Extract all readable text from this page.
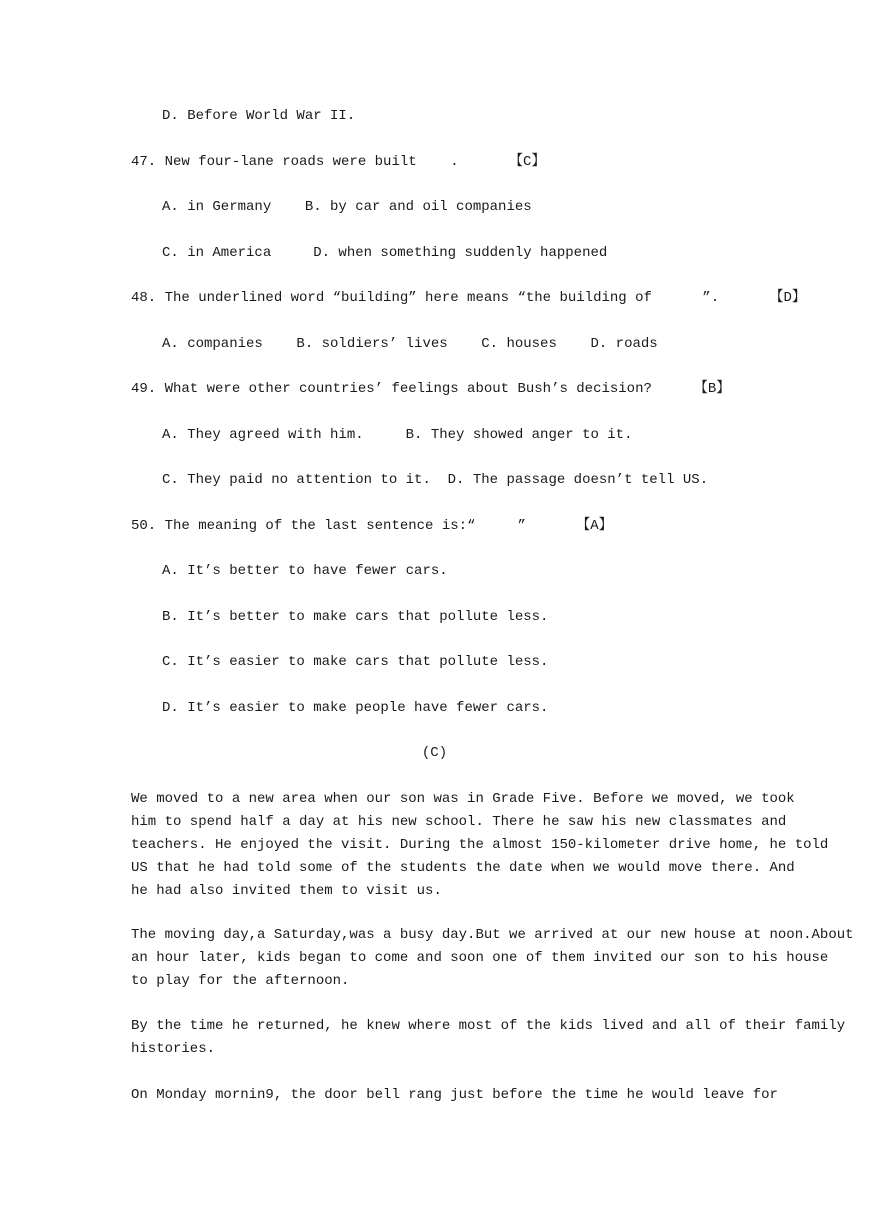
D. Before World War II.
47. New four-lane roads were built    .      【C】
A. in Germany    B. by car and oil companies
C. in America     D. when something suddenly happened
48. The underlined word “building” here means “the building of      ”.      【D】
A. companies    B. soldiers’ lives    C. houses    D. roads
49. What were other countries’ feelings about Bush’s decision?     【B】
A. They agreed with him.     B. They showed anger to it.
C. They paid no attention to it.  D. The passage doesn’t tell US.
50. The meaning of the last sentence is:“     ”      【A】
A. It’s better to have fewer cars.
B. It’s better to make cars that pollute less.
C. It’s easier to make cars that pollute less.
D. It’s easier to make people have fewer cars.
(C)
We moved to a new area when our son was in Grade Five. Before we moved, we took
him to spend half a day at his new school. There he saw his new classmates and
teachers. He enjoyed the visit. During the almost 150-kilometer drive home, he told
US that he had told some of the students the date when we would move there. And
he had also invited them to visit us.
The moving day,a Saturday,was a busy day.But we arrived at our new house at noon.About
an hour later, kids began to come and soon one of them invited our son to his house
to play for the afternoon.
By the time he returned, he knew where most of the kids lived and all of their family
histories.
On Monday mornin9, the door bell rang just before the time he would leave for
